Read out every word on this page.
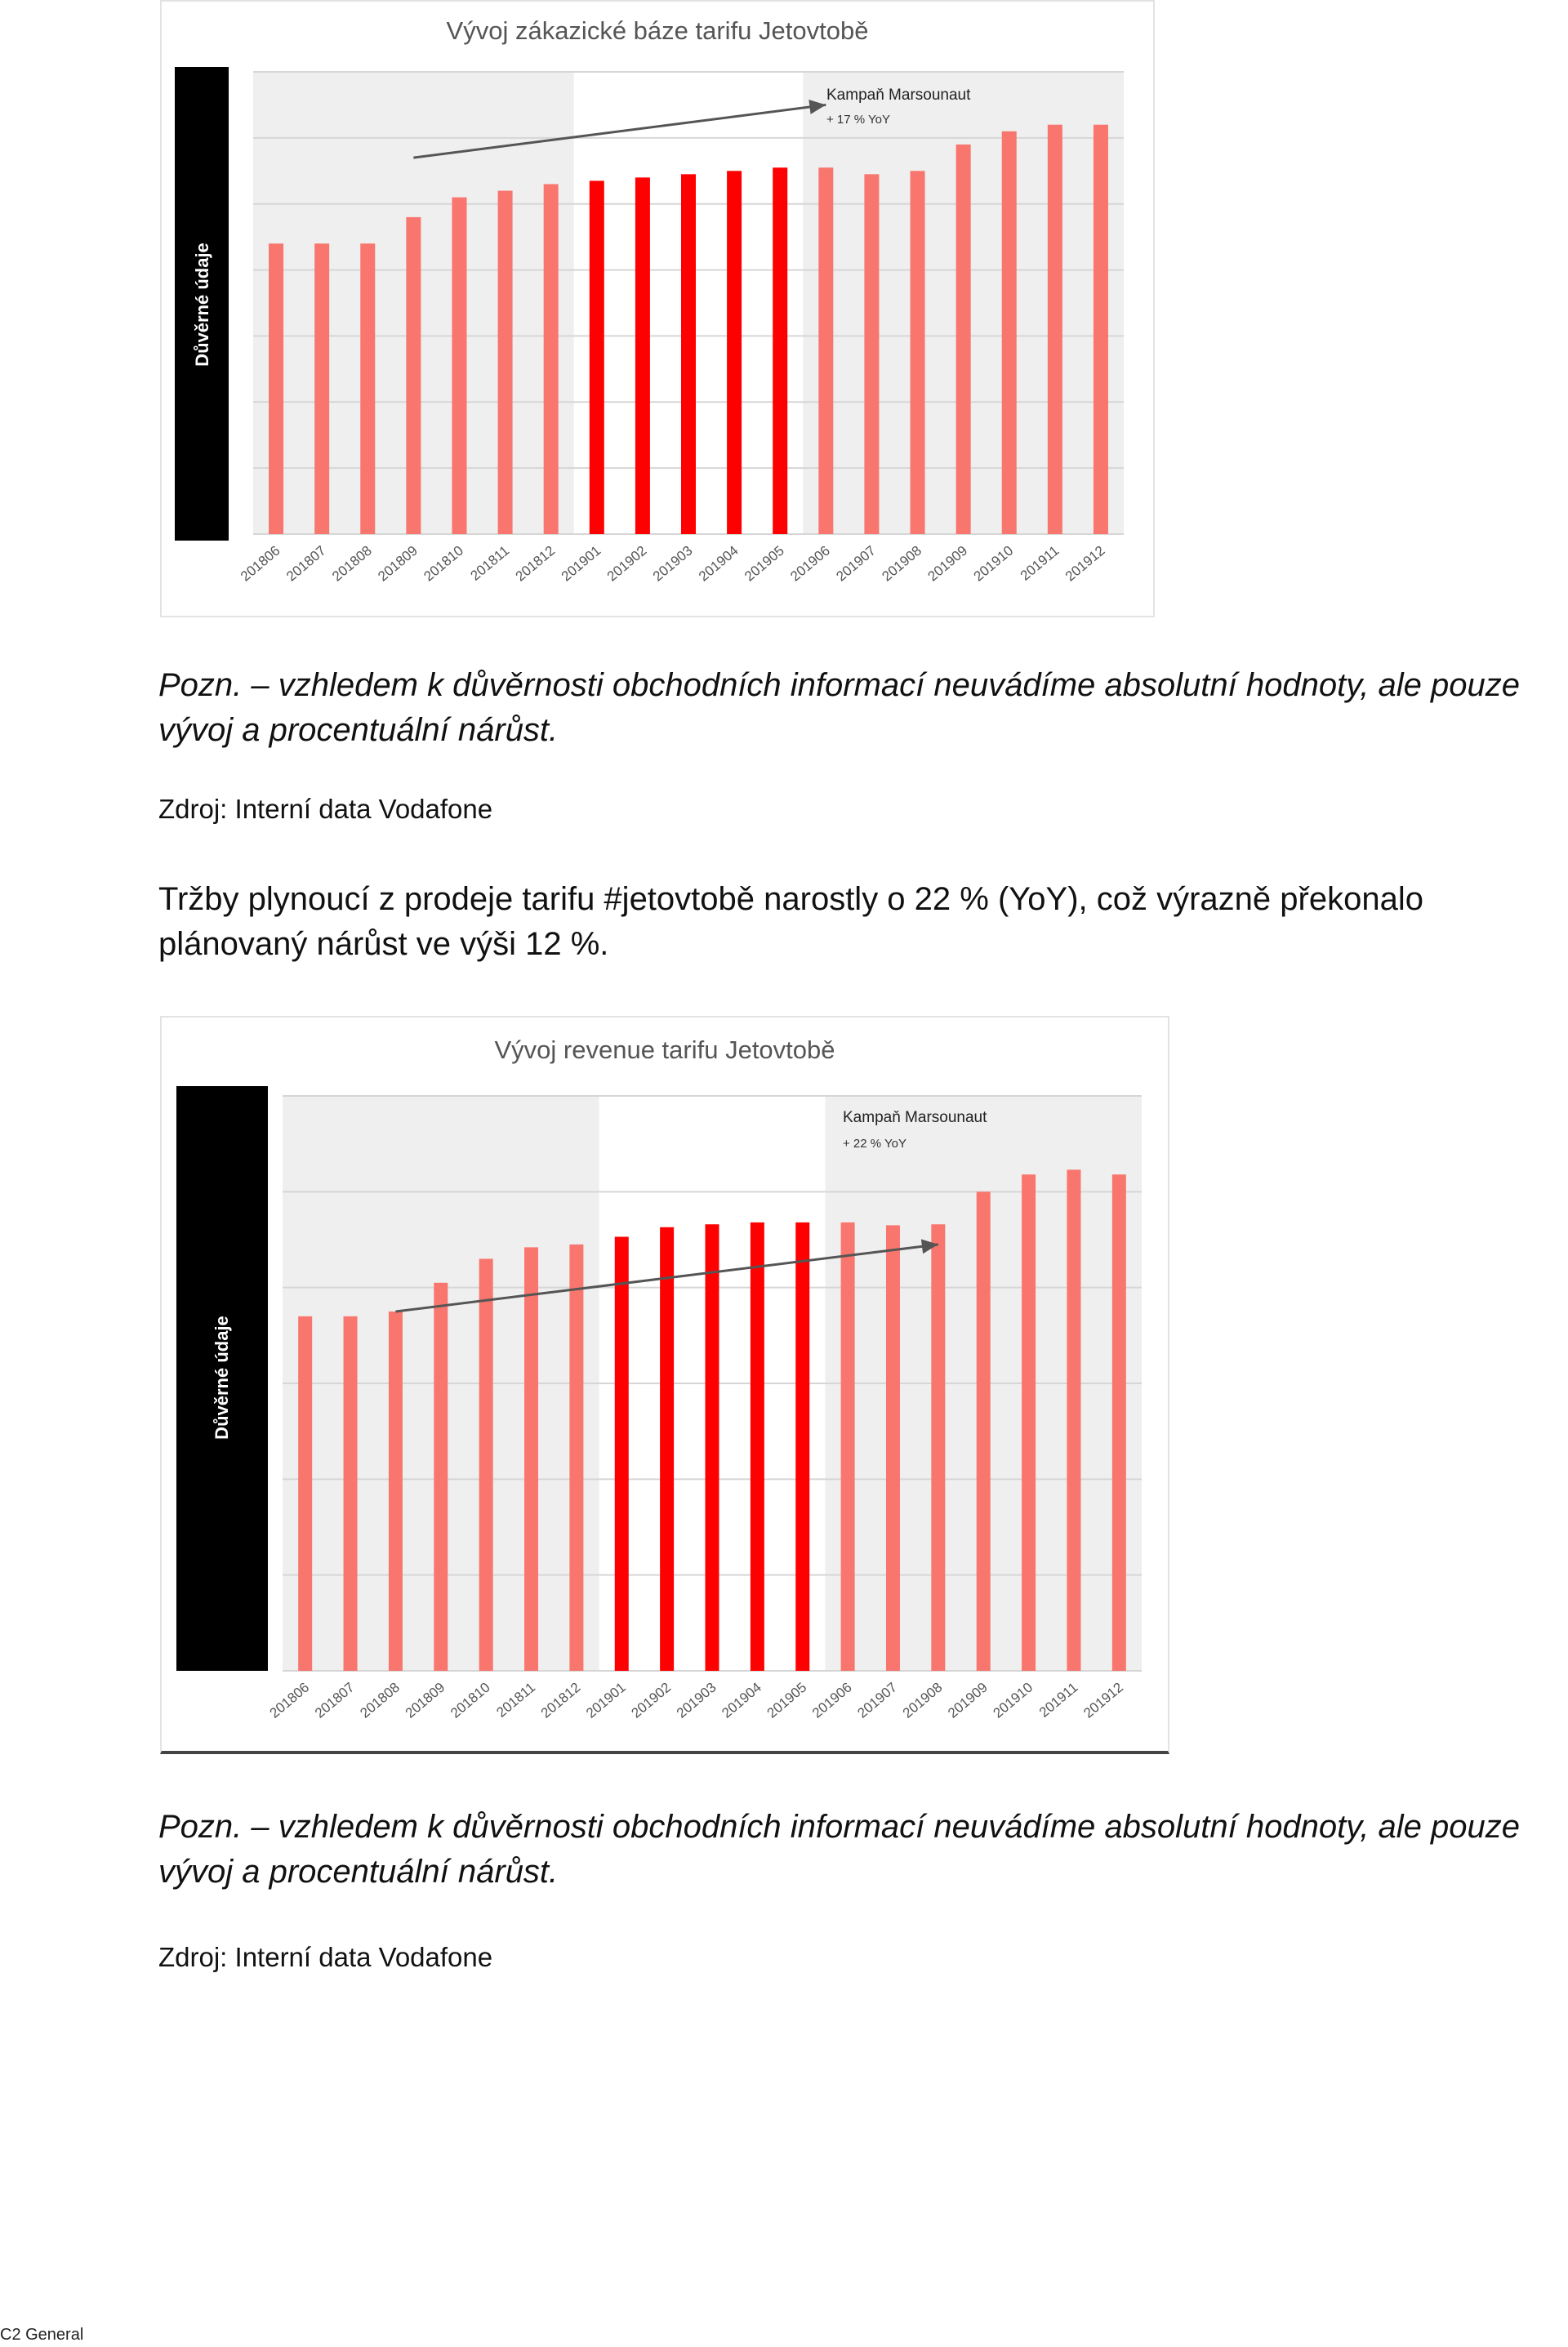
201806 201807 201808 201809 201810 201811 201812 201901 201902 201903 201904 201905 201906 201907 201908 201909 201910 201911 201912
Vývoj zákazické báze tarifu Jetovtobě
Důvěrné údaje
Kampaň Marsounaut
+ 17 % YoY

Pozn. – vzhledem k důvěrnosti obchodních informací neuvádíme absolutní hodnoty, ale pouze vývoj a procentuální nárůst.

Zdroj: Interní data Vodafone

Tržby plynoucí z prodeje tarifu #jetovtobě narostly o 22 % (YoY), což výrazně překonalo plánovaný nárůst ve výši 12 %.

201806 201807 201808 201809 201810 201811 201812 201901 201902 201903 201904 201905 201906 201907 201908 201909 201910 201911 201912
Vývoj revenue tarifu Jetovtobě
Důvěrné údaje
Kampaň Marsounaut
+ 22 % YoY

Pozn. – vzhledem k důvěrnosti obchodních informací neuvádíme absolutní hodnoty, ale pouze vývoj a procentuální nárůst.

Zdroj: Interní data Vodafone

C2 General
